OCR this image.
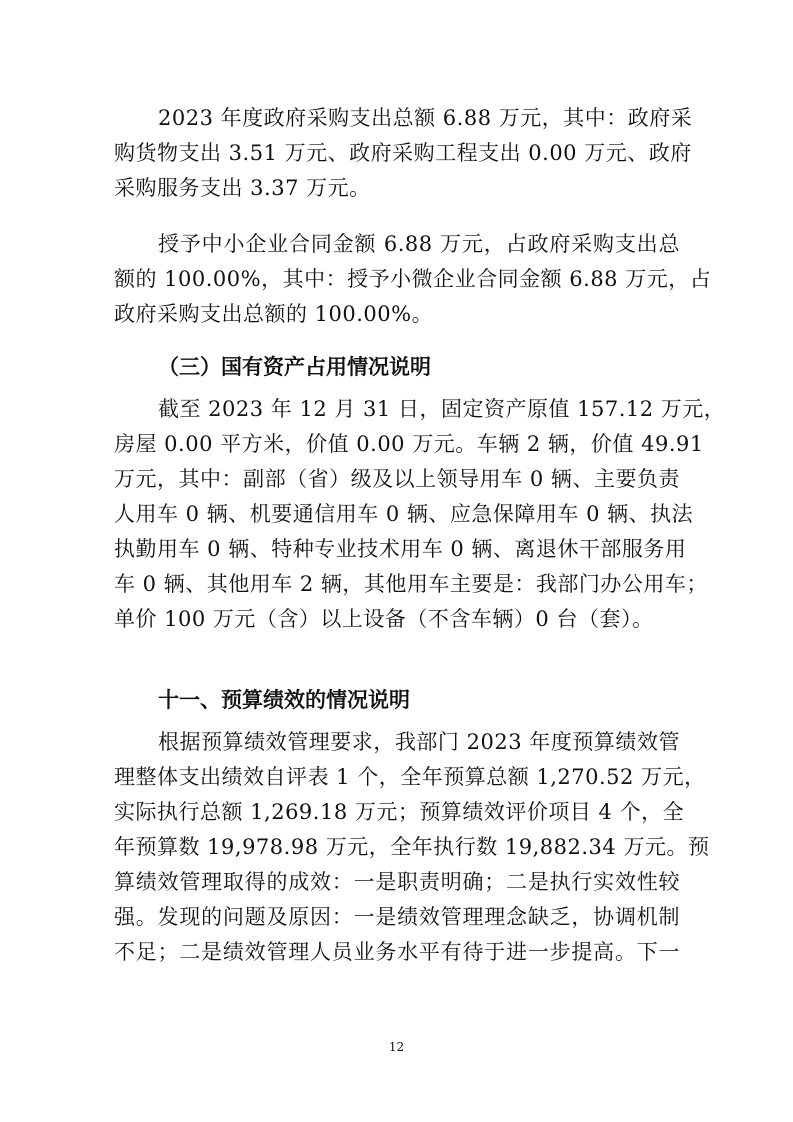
2023 年度政府采购支出总额 6.88 万元，其中：政府采
购货物支出 3.51 万元、政府采购工程支出 0.00 万元、政府
采购服务支出 3.37 万元。
授予中小企业合同金额 6.88 万元，占政府采购支出总
额的 100.00%，其中：授予小微企业合同金额 6.88 万元，占
政府采购支出总额的 100.00%。
（三）国有资产占用情况说明
截至 2023 年 12 月 31 日，固定资产原值 157.12 万元，
房屋 0.00 平方米，价值 0.00 万元。车辆 2 辆，价值 49.91
万元，其中：副部（省）级及以上领导用车 0 辆、主要负责
人用车 0 辆、机要通信用车 0 辆、应急保障用车 0 辆、执法
执勤用车 0 辆、特种专业技术用车 0 辆、离退休干部服务用
车 0 辆、其他用车 2 辆，其他用车主要是：我部门办公用车；
单价 100 万元（含）以上设备（不含车辆）0 台（套）。
十一、预算绩效的情况说明
根据预算绩效管理要求，我部门 2023 年度预算绩效管
理整体支出绩效自评表 1 个，全年预算总额 1,270.52 万元，
实际执行总额 1,269.18 万元；预算绩效评价项目 4 个，全
年预算数 19,978.98 万元，全年执行数 19,882.34 万元。预
算绩效管理取得的成效：一是职责明确；二是执行实效性较
强。发现的问题及原因：一是绩效管理理念缺乏，协调机制
不足；二是绩效管理人员业务水平有待于进一步提高。下一
12
